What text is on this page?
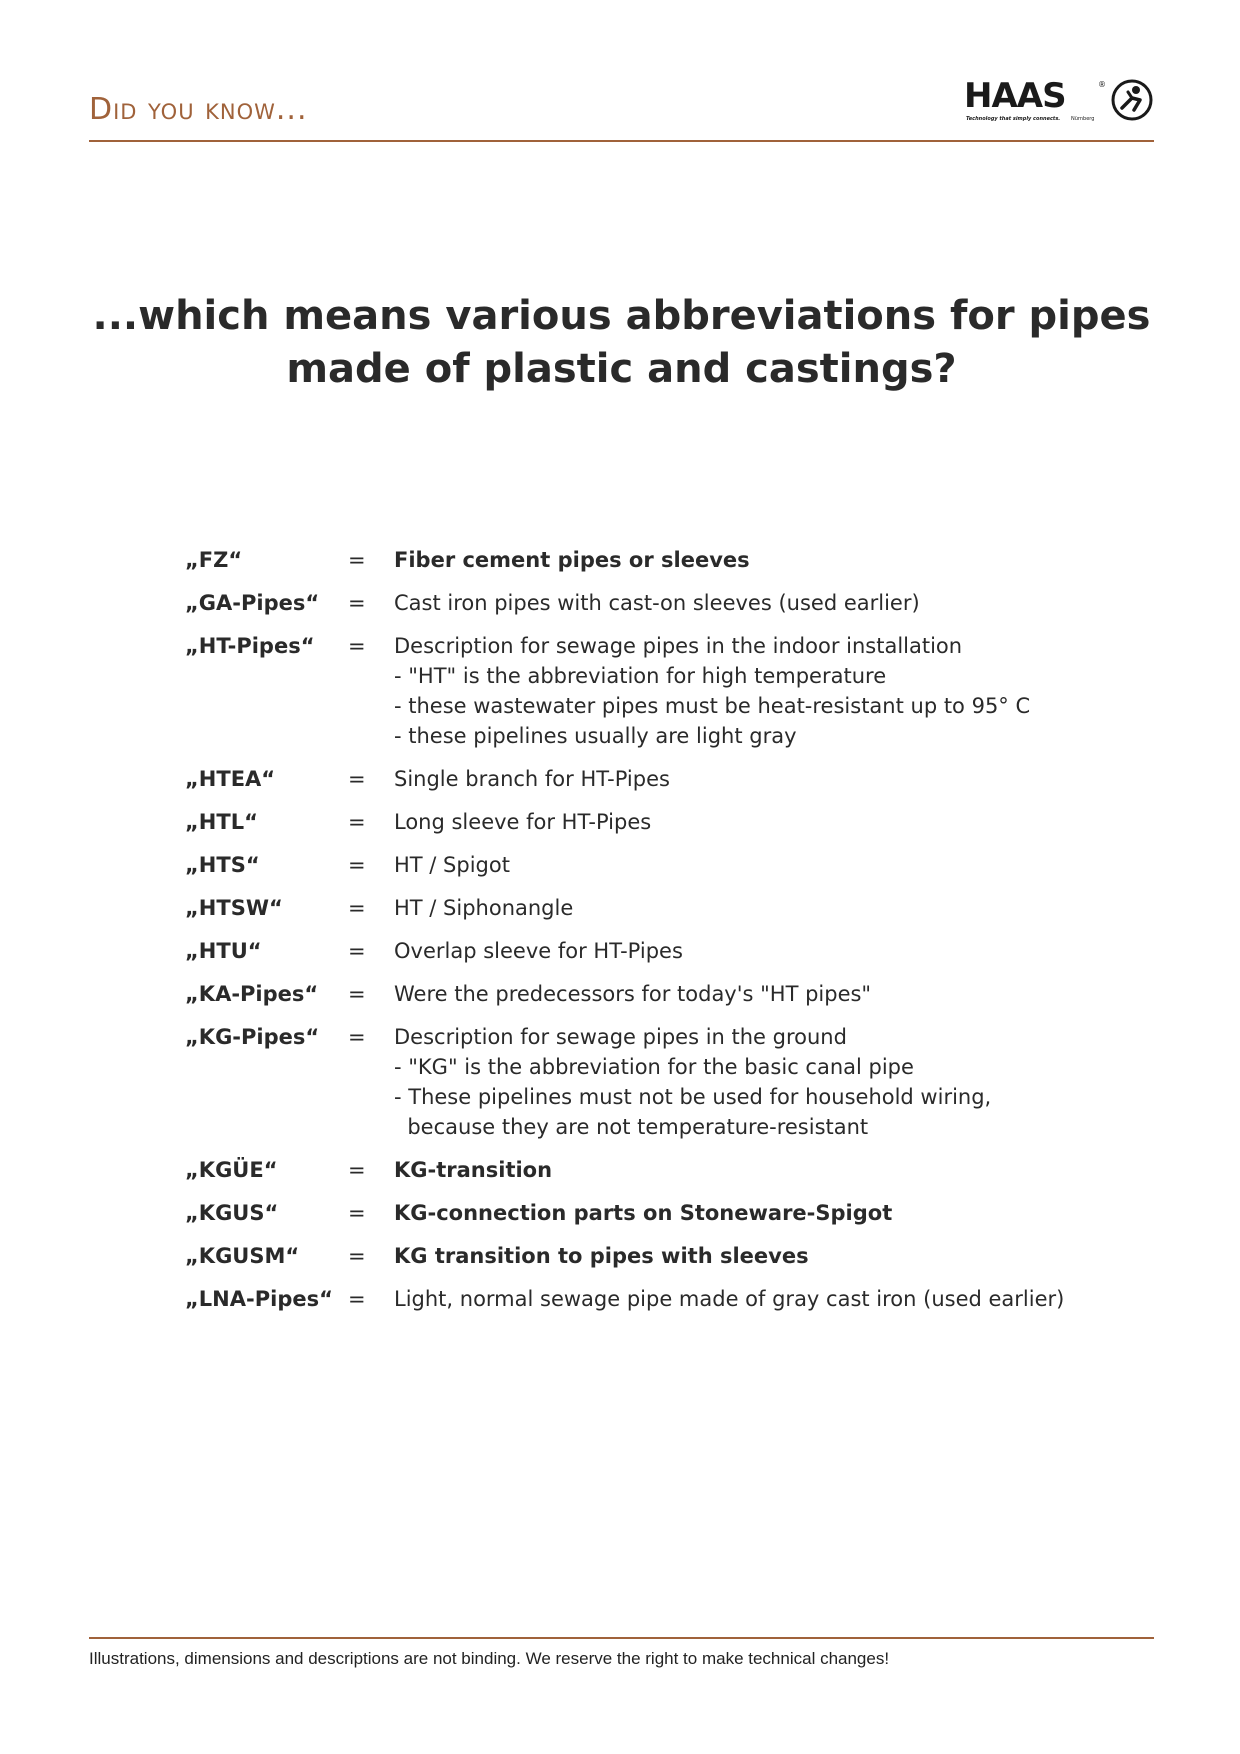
Did you know...	HAAS	®
Technology that simply connects. Nürnberg
...which means various abbreviations for pipes
made of plastic and castings?
„FZ“	=	Fiber cement pipes or sleeves
„GA-Pipes“	=	Cast iron pipes with cast-on sleeves (used earlier)
„HT-Pipes“	=	Description for sewage pipes in the indoor installation
- "HT" is the abbreviation for high temperature
- these wastewater pipes must be heat-resistant up to 95° C
- these pipelines usually are light gray
„HTEA“	=	Single branch for HT-Pipes
„HTL“	=	Long sleeve for HT-Pipes
„HTS“	=	HT / Spigot
„HTSW“	=	HT / Siphonangle
„HTU“	=	Overlap sleeve for HT-Pipes
„KA-Pipes“	=	Were the predecessors for today's "HT pipes"
„KG-Pipes“	=	Description for sewage pipes in the ground
- "KG" is the abbreviation for the basic canal pipe
- These pipelines must not be used for household wiring,
because they are not temperature-resistant
„KGÜE“	=	KG-transition
„KGUS“	=	KG-connection parts on Stoneware-Spigot
„KGUSM“	=	KG transition to pipes with sleeves
„LNA-Pipes“ =	Light, normal sewage pipe made of gray cast iron (used earlier)
Illustrations, dimensions and descriptions are not binding. We reserve the right to make technical changes!
